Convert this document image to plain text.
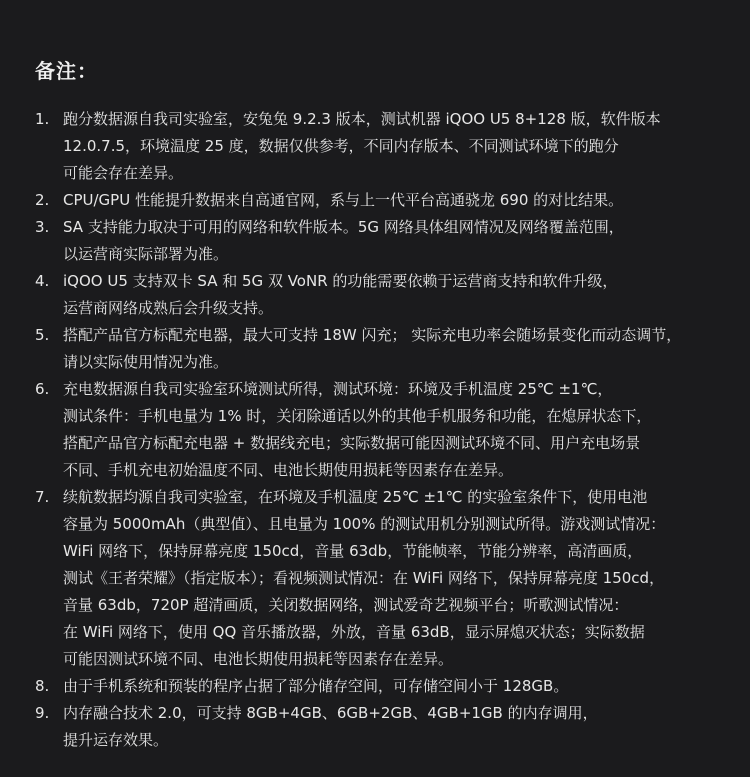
备注：
1. 跑分数据源自我司实验室，安兔兔 9.2.3 版本，测试机器 iQOO U5 8+128 版，软件版本
12.0.7.5，环境温度 25 度，数据仅供参考，不同内存版本、不同测试环境下的跑分
可能会存在差异。
2. CPU/GPU 性能提升数据来自高通官网，系与上一代平台高通骁龙 690 的对比结果。
3. SA 支持能力取决于可用的网络和软件版本。5G 网络具体组网情况及网络覆盖范围，
以运营商实际部署为准。
4. iQOO U5 支持双卡 SA 和 5G 双 VoNR 的功能需要依赖于运营商支持和软件升级，
运营商网络成熟后会升级支持。
5. 搭配产品官方标配充电器，最大可支持 18W 闪充； 实际充电功率会随场景变化而动态调节，
请以实际使用情况为准。
6. 充电数据源自我司实验室环境测试所得，测试环境：环境及手机温度 25℃ ±1℃，
测试条件：手机电量为 1% 时，关闭除通话以外的其他手机服务和功能，在熄屏状态下，
搭配产品官方标配充电器 + 数据线充电；实际数据可能因测试环境不同、用户充电场景
不同、手机充电初始温度不同、电池长期使用损耗等因素存在差异。
7. 续航数据均源自我司实验室，在环境及手机温度 25℃ ±1℃ 的实验室条件下，使用电池
容量为 5000mAh（典型值）、且电量为 100% 的测试用机分别测试所得。游戏测试情况：
WiFi 网络下，保持屏幕亮度 150cd，音量 63db，节能帧率，节能分辨率，高清画质，
测试《王者荣耀》（指定版本）；看视频测试情况：在 WiFi 网络下，保持屏幕亮度 150cd，
音量 63db，720P 超清画质，关闭数据网络，测试爱奇艺视频平台；听歌测试情况：
在 WiFi 网络下，使用 QQ 音乐播放器，外放，音量 63dB，显示屏熄灭状态；实际数据
可能因测试环境不同、电池长期使用损耗等因素存在差异。
8. 由于手机系统和预装的程序占据了部分储存空间，可存储空间小于 128GB。
9. 内存融合技术 2.0，可支持 8GB+4GB、6GB+2GB、4GB+1GB 的内存调用，
提升运存效果。
